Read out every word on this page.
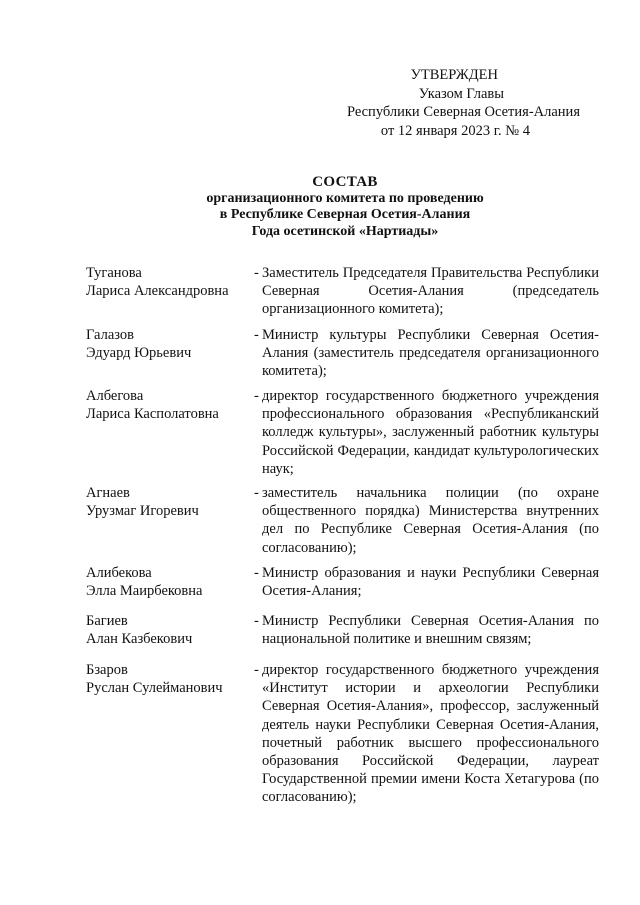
УТВЕРЖДЕН
Указом Главы
Республики Северная Осетия-Алания
от 12 января 2023 г. № 4
СОСТАВ
организационного комитета по проведению
в Республике Северная Осетия-Алания
Года осетинской «Нартиады»
Туганова
Лариса Александровна
- Заместитель Председателя Правительства Республики Северная Осетия-Алания (председатель организационного комитета);
Галазов
Эдуард Юрьевич
- Министр культуры Республики Северная Осетия-Алания (заместитель председателя организационного комитета);
Албегова
Лариса Касполатовна
- директор государственного бюджетного учреждения профессионального образования «Республиканский колледж культуры», заслуженный работник культуры Российской Федерации, кандидат культурологических наук;
Агнаев
Урузмаг Игоревич
- заместитель начальника полиции (по охране общественного порядка) Министерства внутренних дел по Республике Северная Осетия-Алания (по согласованию);
Алибекова
Элла Маирбековна
- Министр образования и науки Республики Северная Осетия-Алания;
Багиев
Алан Казбекович
- Министр Республики Северная Осетия-Алания по национальной политике и внешним связям;
Бзаров
Руслан Сулейманович
- директор государственного бюджетного учреждения «Институт истории и археологии Республики Северная Осетия-Алания», профессор, заслуженный деятель науки Республики Северная Осетия-Алания, почетный работник высшего профессионального образования Российской Федерации, лауреат Государственной премии имени Коста Хетагурова (по согласованию);
